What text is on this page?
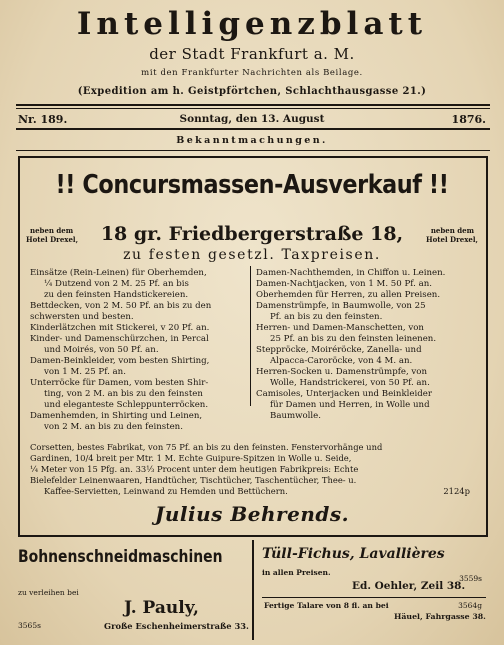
Intelligenzblatt
der Stadt Frankfurt a. M.
mit den Frankfurter Nachrichten als Beilage.
(Expedition am h. Geistpförtchen, Schlachthausgasse 21.)
Nr. 189.	Sonntag, den 13. August	1876.
Bekanntmachungen.
!! Concursmassen-Ausverkauf !!
neben dem
Hotel Drexel,	18 gr. Friedbergerstraße 18,	neben dem
Hotel Drexel,
zu festen gesetzl. Taxpreisen.
Einsätze (Rein-Leinen) für Oberhemden,
¼ Dutzend von 2 M. 25 Pf. an bis
zu den feinsten Handstickereien.
Bettdecken, von 2 M. 50 Pf. an bis zu den
schwersten und besten.
Kinderlätzchen mit Stickerei, v 20 Pf. an.
Kinder- und Damenschürzchen, in Percal
und Moirés, von 50 Pf. an.
Damen-Beinkleider, vom besten Shirting,
von 1 M. 25 Pf. an.
Unterröcke für Damen, vom besten Shir-
ting, von 2 M. an bis zu den feinsten
und eleganteste Schleppunterröcken.
Damenhemden, in Shirting und Leinen,
von 2 M. an bis zu den feinsten.
Damen-Nachthemden, in Chiffon u. Leinen.
Damen-Nachtjacken, von 1 M. 50 Pf. an.
Oberhemden für Herren, zu allen Preisen.
Damenstrümpfe, in Baumwolle, von 25
Pf. an bis zu den feinsten.
Herren- und Damen-Manschetten, von
25 Pf. an bis zu den feinsten leinenen.
Steppröcke, Moiréröcke, Zanella- und
Alpacca-Caroröcke, von 4 M. an.
Herren-Socken u. Damenstrümpfe, von
Wolle, Handstrickerei, von 50 Pf. an.
Camisoles, Unterjacken und Beinkleider
für Damen und Herren, in Wolle und
Baumwolle.
Corsetten, bestes Fabrikat, von 75 Pf. an bis zu den feinsten. Fenstervorhänge und
Gardinen, 10/4 breit per Mtr. 1 M. Echte Guipure-Spitzen in Wolle u. Seide,
¼ Meter von 15 Pfg. an. 33⅓ Procent unter dem heutigen Fabrikpreis: Echte
Bielefelder Leinenwaaren, Handtücher, Tischtücher, Taschentücher, Thee- u.
Kaffee-Servietten, Leinwand zu Hemden und Bettüchern.	2124p
Julius Behrends.
Bohnenschneidmaschinen
zu verleihen bei
J. Pauly,
Große Eschenheimerstraße 33.
3565s
Tüll-Fichus, Lavallières
in allen Preisen.
Ed. Oehler, Zeil 38.
3559s
Fertige Talare von 8 fl. an bei	3564g
Häuel, Fahrgasse 38.
